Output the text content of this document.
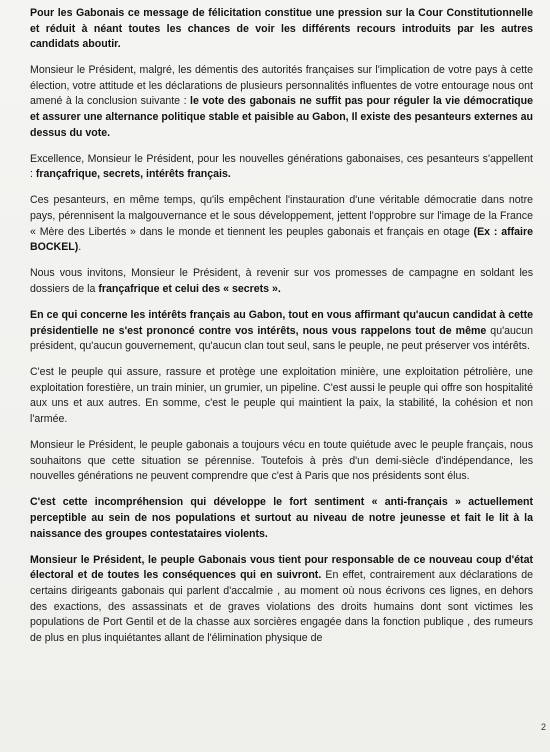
Pour les Gabonais ce message de félicitation constitue une pression sur la Cour Constitutionnelle et réduit à néant toutes les chances de voir les différents recours introduits par les autres candidats aboutir.

Monsieur le Président, malgré, les démentis des autorités françaises sur l'implication de votre pays à cette élection, votre attitude et les déclarations de plusieurs personnalités influentes de votre entourage nous ont amené à la conclusion suivante : le vote des gabonais ne suffit pas pour réguler la vie démocratique et assurer une alternance politique stable et paisible au Gabon, Il existe des pesanteurs externes au dessus du vote.

Excellence, Monsieur le Président, pour les nouvelles générations gabonaises, ces pesanteurs s'appellent : françafrique, secrets, intérêts français.

Ces pesanteurs, en même temps, qu'ils empêchent l'instauration d'une véritable démocratie dans notre pays, pérennisent la malgouvernance et le sous développement, jettent l'opprobre sur l'image de la France « Mère des Libertés » dans le monde et tiennent les peuples gabonais et français en otage (Ex : affaire BOCKEL).

Nous vous invitons, Monsieur le Président, à revenir sur vos promesses de campagne en soldant les dossiers de la françafrique et celui des « secrets ».

En ce qui concerne les intérêts français au Gabon, tout en vous affirmant qu'aucun candidat à cette présidentielle ne s'est prononcé contre vos intérêts, nous vous rappelons tout de même qu'aucun président, qu'aucun gouvernement, qu'aucun clan tout seul, sans le peuple, ne peut préserver vos intérêts.

C'est le peuple qui assure, rassure et protège une exploitation minière, une exploitation pétrolière, une exploitation forestière, un train minier, un grumier, un pipeline. C'est aussi le peuple qui offre son hospitalité aux uns et aux autres. En somme, c'est le peuple qui maintient la paix, la stabilité, la cohésion et non l'armée.

Monsieur le Président, le peuple gabonais a toujours vécu en toute quiétude avec le peuple français, nous souhaitons que cette situation se pérennise. Toutefois à près d'un demi-siècle d'indépendance, les nouvelles générations ne peuvent comprendre que c'est à Paris que nos présidents sont élus.

C'est cette incompréhension qui développe le fort sentiment « anti-français » actuellement perceptible au sein de nos populations et surtout au niveau de notre jeunesse et fait le lit à la naissance des groupes contestataires violents.

Monsieur le Président, le peuple Gabonais vous tient pour responsable de ce nouveau coup d'état électoral et de toutes les conséquences qui en suivront. En effet, contrairement aux déclarations de certains dirigeants gabonais qui parlent d'accalmie , au moment où nous écrivons ces lignes, en dehors des exactions, des assassinats et de graves violations des droits humains dont sont victimes les populations de Port Gentil et de la chasse aux sorcières engagée dans la fonction publique , des rumeurs de plus en plus inquiétantes allant de l'élimination physique de

2
